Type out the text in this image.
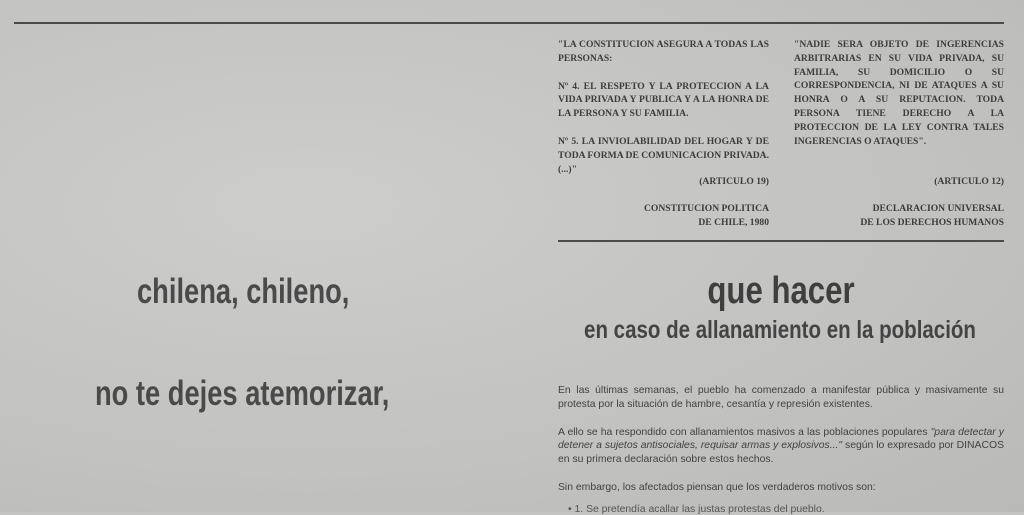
"LA CONSTITUCION ASEGURA A TODAS LAS PERSONAS:

Nº 4. EL RESPETO Y LA PROTECCION A LA VIDA PRIVADA Y PUBLICA Y A LA HONRA DE LA PERSONA Y SU FAMILIA.

Nº 5. LA INVIOLABILIDAD DEL HOGAR Y DE TODA FORMA DE COMUNICACION PRIVADA. (...)"

(ARTICULO 19)
CONSTITUCION POLITICA
DE CHILE, 1980

"NADIE SERA OBJETO DE INGERENCIAS ARBITRARIAS EN SU VIDA PRIVADA, SU FAMILIA, SU DOMICILIO O SU CORRESPONDENCIA, NI DE ATAQUES A SU HONRA O A SU REPUTACION. TODA PERSONA TIENE DERECHO A LA PROTECCION DE LA LEY CONTRA TALES INGERENCIAS O ATAQUES".

(ARTICULO 12)
DECLARACION UNIVERSAL
DE LOS DERECHOS HUMANOS
chilena, chileno,
no te dejes atemorizar,
que hacer
en caso de allanamiento en la población

En las últimas semanas, el pueblo ha comenzado a manifestar pública y masivamente su protesta por la situación de hambre, cesantía y represión existentes.

A ello se ha respondido con allanamientos masivos a las poblaciones populares "para detectar y detener a sujetos antisociales, requisar armas y explosivos..." según lo expresado por DINACOS en su primera declaración sobre estos hechos.

Sin embargo, los afectados piensan que los verdaderos motivos son:

• 1. Se pretendía acallar las justas protestas del pueblo.
